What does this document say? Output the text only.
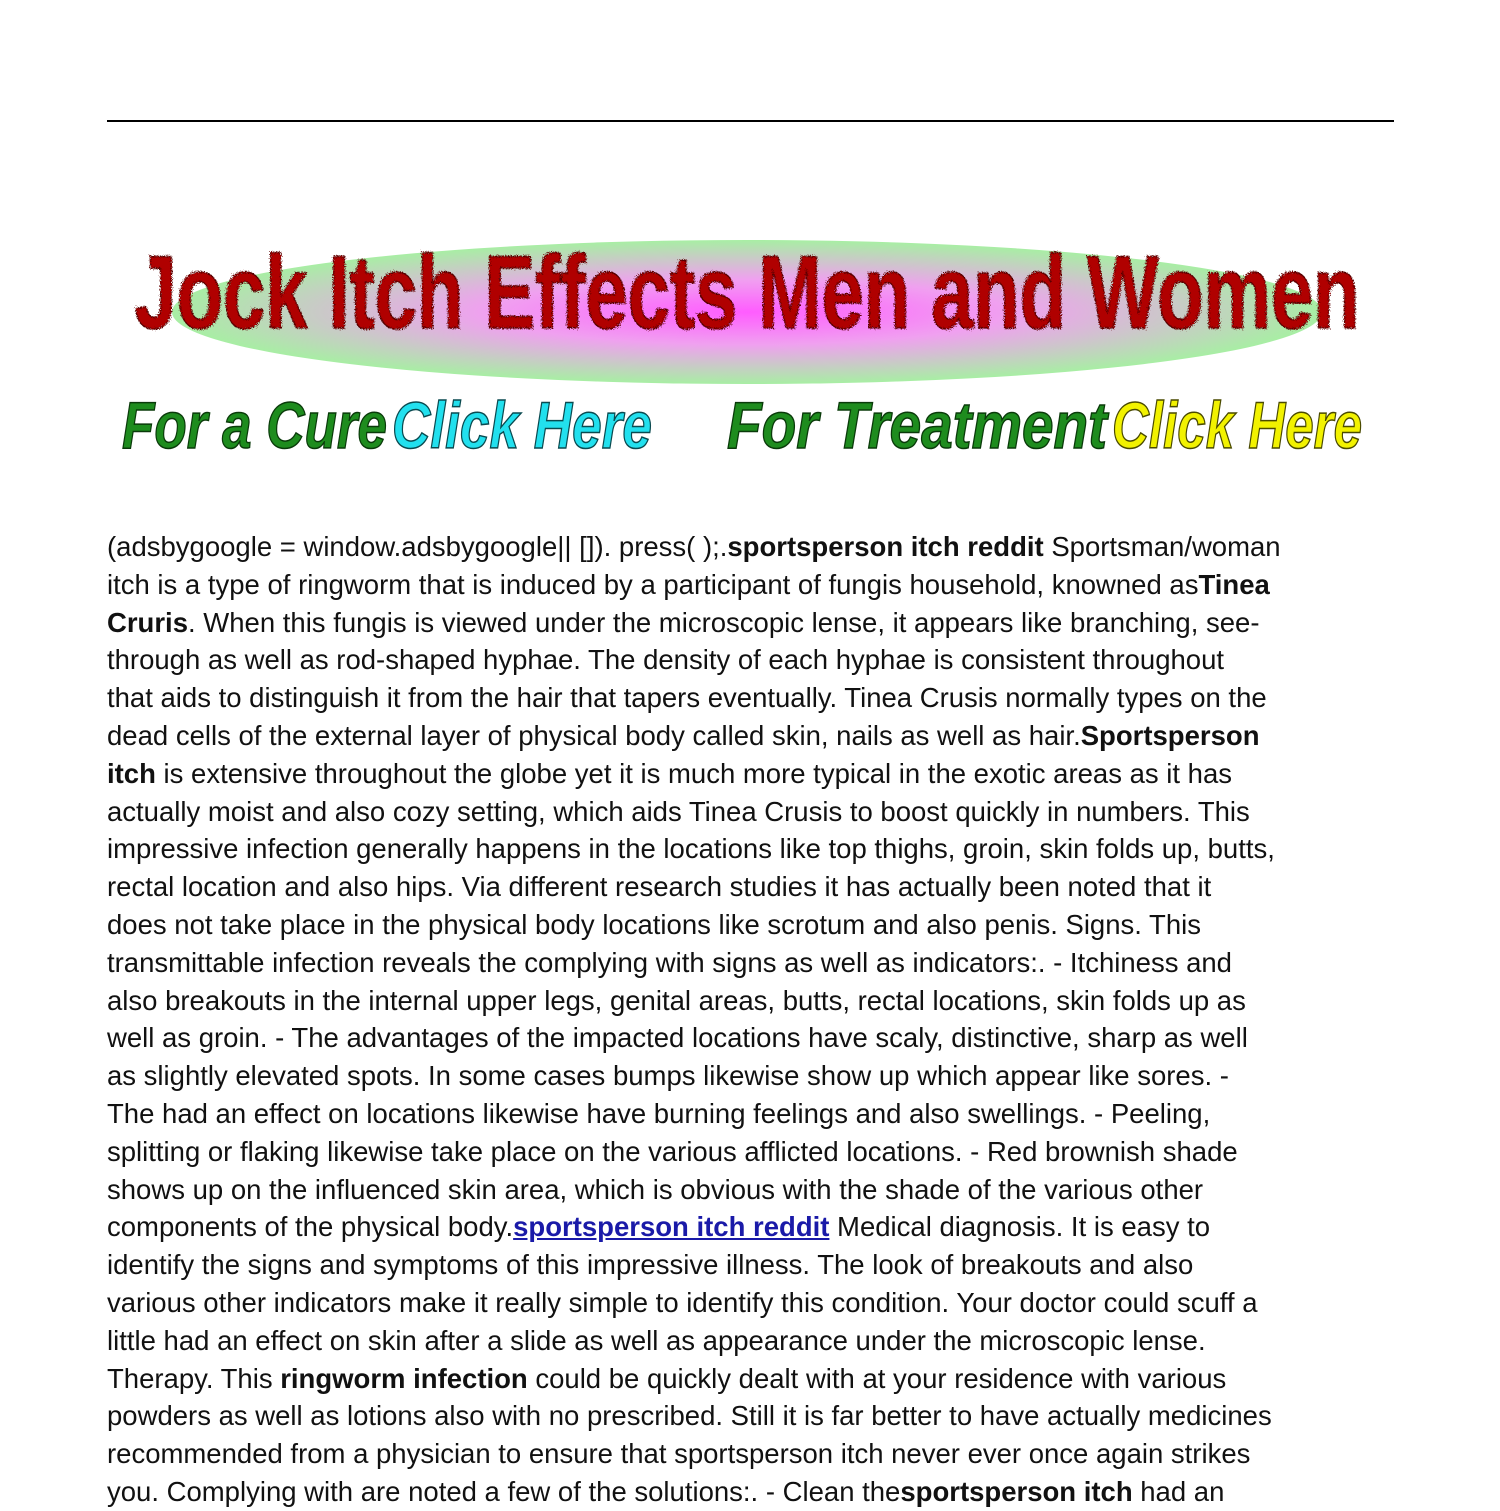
Jock Itch Effects Men and Women
For a Cure Click Here For Treatment Click Here
(adsbygoogle = window.adsbygoogle|| []). press( );.sportsperson itch reddit Sportsman/woman
itch is a type of ringworm that is induced by a participant of fungis household, knowned asTinea
Cruris. When this fungis is viewed under the microscopic lense, it appears like branching, see-
through as well as rod-shaped hyphae. The density of each hyphae is consistent throughout
that aids to distinguish it from the hair that tapers eventually. Tinea Crusis normally types on the
dead cells of the external layer of physical body called skin, nails as well as hair.Sportsperson
itch is extensive throughout the globe yet it is much more typical in the exotic areas as it has
actually moist and also cozy setting, which aids Tinea Crusis to boost quickly in numbers. This
impressive infection generally happens in the locations like top thighs, groin, skin folds up, butts,
rectal location and also hips. Via different research studies it has actually been noted that it
does not take place in the physical body locations like scrotum and also penis. Signs. This
transmittable infection reveals the complying with signs as well as indicators:. - Itchiness and
also breakouts in the internal upper legs, genital areas, butts, rectal locations, skin folds up as
well as groin. - The advantages of the impacted locations have scaly, distinctive, sharp as well
as slightly elevated spots. In some cases bumps likewise show up which appear like sores. -
The had an effect on locations likewise have burning feelings and also swellings. - Peeling,
splitting or flaking likewise take place on the various afflicted locations. - Red brownish shade
shows up on the influenced skin area, which is obvious with the shade of the various other
components of the physical body.sportsperson itch reddit Medical diagnosis. It is easy to
identify the signs and symptoms of this impressive illness. The look of breakouts and also
various other indicators make it really simple to identify this condition. Your doctor could scuff a
little had an effect on skin after a slide as well as appearance under the microscopic lense.
Therapy. This ringworm infection could be quickly dealt with at your residence with various
powders as well as lotions also with no prescribed. Still it is far better to have actually medicines
recommended from a physician to ensure that sportsperson itch never ever once again strikes
you. Complying with are noted a few of the solutions:. - Clean thesportsperson itch had an
